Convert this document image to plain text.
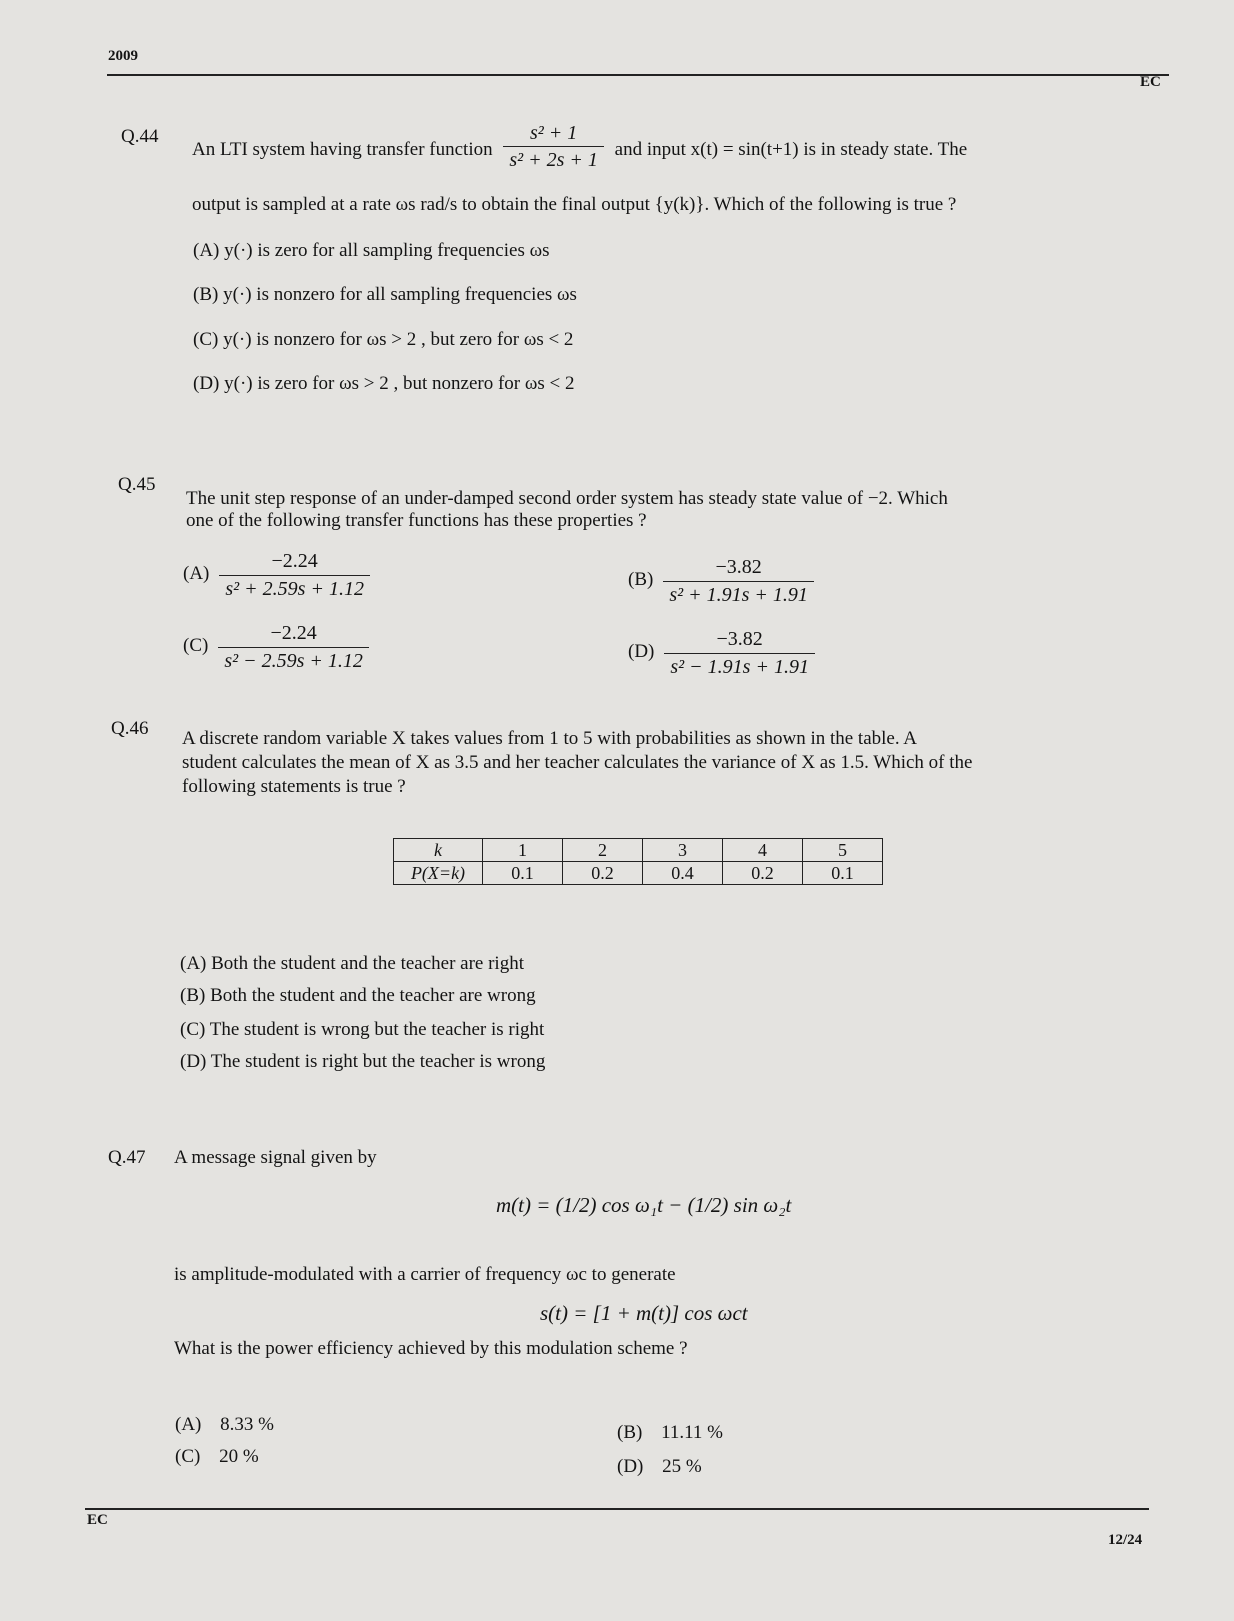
2009
EC
Q.44
An LTI system having transfer function $\frac{\text{s² + 1}}{\text{s² + 2s + 1}}$ and input x(t) = sin(t+1) is in steady state. The
output is sampled at a rate ωs rad/s to obtain the final output {y(k)}. Which of the following is true ?
(A) y(·) is zero for all sampling frequencies ωs
(B) y(·) is nonzero for all sampling frequencies ωs
(C) y(·) is nonzero for ωs > 2 , but zero for ωs < 2
(D) y(·) is zero for ωs > 2 , but nonzero for ωs < 2
Q.45
The unit step response of an under-damped second order system has steady state value of −2. Which
one of the following transfer functions has these properties ?
$(A) \frac{-2.24}{\text{s² + 2.59s + 1.12}}$	$(B) \frac{-3.82}{\text{s² + 1.91s + 1.91}}$
$(C) \frac{-2.24}{\text{s² − 2.59s + 1.12}}$	$(D) \frac{-3.82}{\text{s² − 1.91s + 1.91}}$
Q.46 A discrete random variable X takes values from 1 to 5 with probabilities as shown in the table. A
student calculates the mean of X as 3.5 and her teacher calculates the variance of X as 1.5. Which of the
following statements is true ?
k	1	2	3	4	5
P(X=k)	0.1	0.2	0.4	0.2	0.1
(A) Both the student and the teacher are right
(B) Both the student and the teacher are wrong
(C) The student is wrong but the teacher is right
(D) The student is right but the teacher is wrong
Q.47 A message signal given by
m(t) = (1/2) cos ω₁t − (1/2) sin ω₂t
is amplitude-modulated with a carrier of frequency ωc to generate
s(t) = [1 + m(t)] cos ωct
What is the power efficiency achieved by this modulation scheme ?
(A) 8.33 %	(B) 11.11 %
(C) 20 %	(D) 25 %
EC
12/24
